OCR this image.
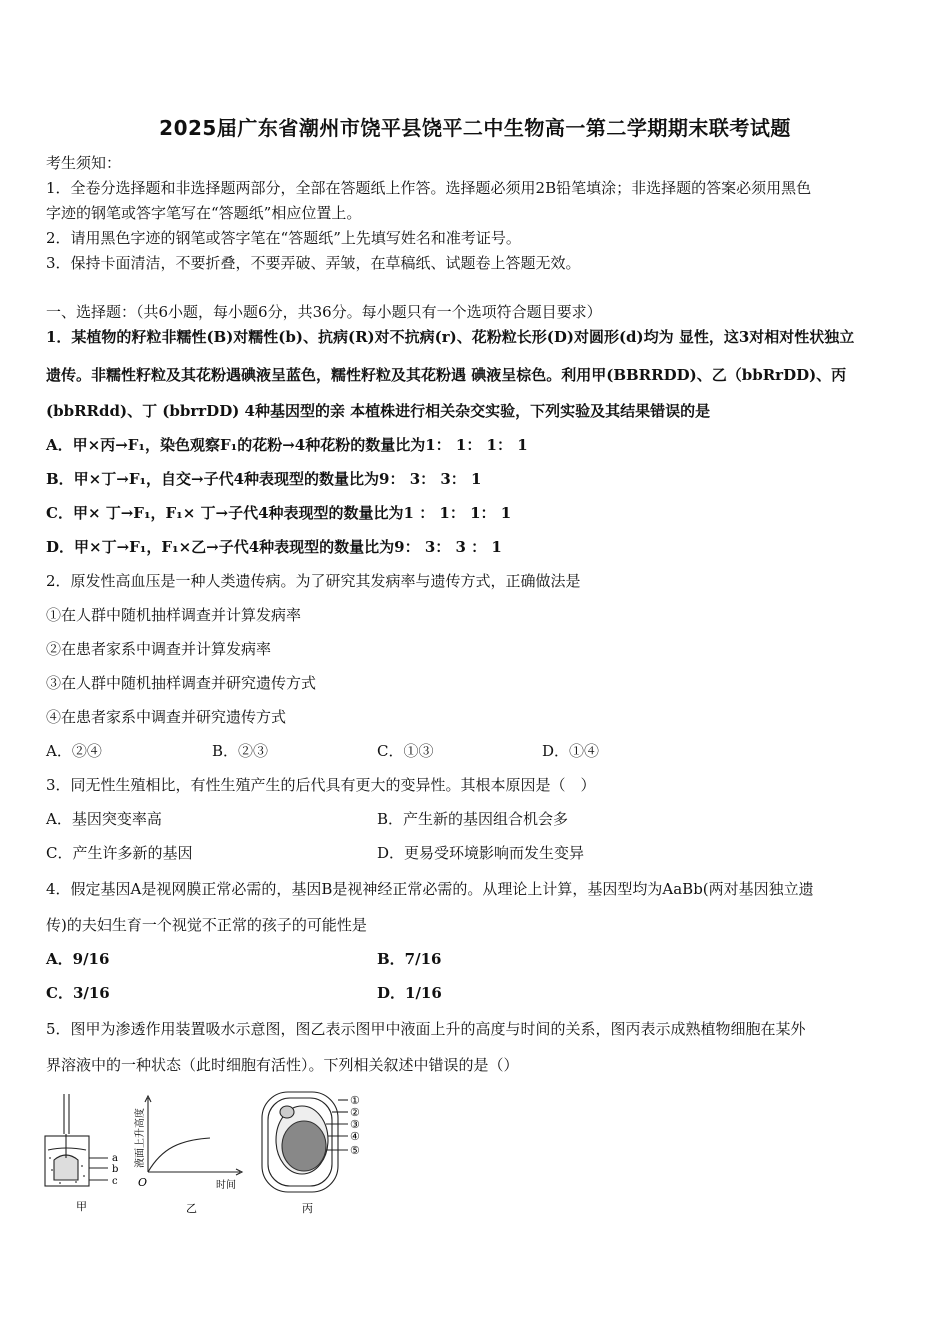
2025届广东省潮州市饶平县饶平二中生物高一第二学期期末联考试题
考生须知：
1．全卷分选择题和非选择题两部分，全部在答题纸上作答。选择题必须用2B铅笔填涂；非选择题的答案必须用黑色
字迹的钢笔或答字笔写在“答题纸”相应位置上。
2．请用黑色字迹的钢笔或答字笔在“答题纸”上先填写姓名和准考证号。
3．保持卡面清洁，不要折叠，不要弄破、弄皱，在草稿纸、试题卷上答题无效。
一、选择题：（共6小题，每小题6分，共36分。每小题只有一个选项符合题目要求）
1．某植物的籽粒非糯性(B)对糯性(b)、抗病(R)对不抗病(r)、花粉粒长形(D)对圆形(d)均为 显性，这3对相对性状独立
遗传。非糯性籽粒及其花粉遇碘液呈蓝色，糯性籽粒及其花粉遇 碘液呈棕色。利用甲(BBRRDD)、乙（bbRrDD)、丙
(bbRRdd)、丁 (bbrrDD) 4种基因型的亲 本植株进行相关杂交实验，下列实验及其结果错误的是
A．甲×丙→F₁，染色观察F₁的花粉→4种花粉的数量比为1： 1： 1： 1
B．甲×丁→F₁，自交→子代4种表现型的数量比为9： 3： 3： 1
C．甲× 丁→F₁，F₁× 丁→子代4种表现型的数量比为1 ： 1： 1： 1
D．甲×丁→F₁，F₁×乙→子代4种表现型的数量比为9： 3： 3 ： 1
2．原发性高血压是一种人类遗传病。为了研究其发病率与遗传方式，正确做法是
①在人群中随机抽样调查并计算发病率
②在患者家系中调查并计算发病率
③在人群中随机抽样调查并研究遗传方式
④在患者家系中调查并研究遗传方式
A．②④	B．②③	C．①③	D．①④
3．同无性生殖相比，有性生殖产生的后代具有更大的变异性。其根本原因是（　）
A．基因突变率高	B．产生新的基因组合机会多
C．产生许多新的基因	D．更易受环境影响而发生变异
4．假定基因A是视网膜正常必需的，基因B是视神经正常必需的。从理论上计算，基因型均为AaBb(两对基因独立遗
传)的夫妇生育一个视觉不正常的孩子的可能性是
A．9/16	B．7/16
C．3/16	D．1/16
5．图甲为渗透作用装置吸水示意图，图乙表示图甲中液面上升的高度与时间的关系，图丙表示成熟植物细胞在某外
界溶液中的一种状态（此时细胞有活性）。下列相关叙述中错误的是（）
a
b
c
甲
液面上升高度
O	时间
乙
①
②
③
④
⑤
丙
